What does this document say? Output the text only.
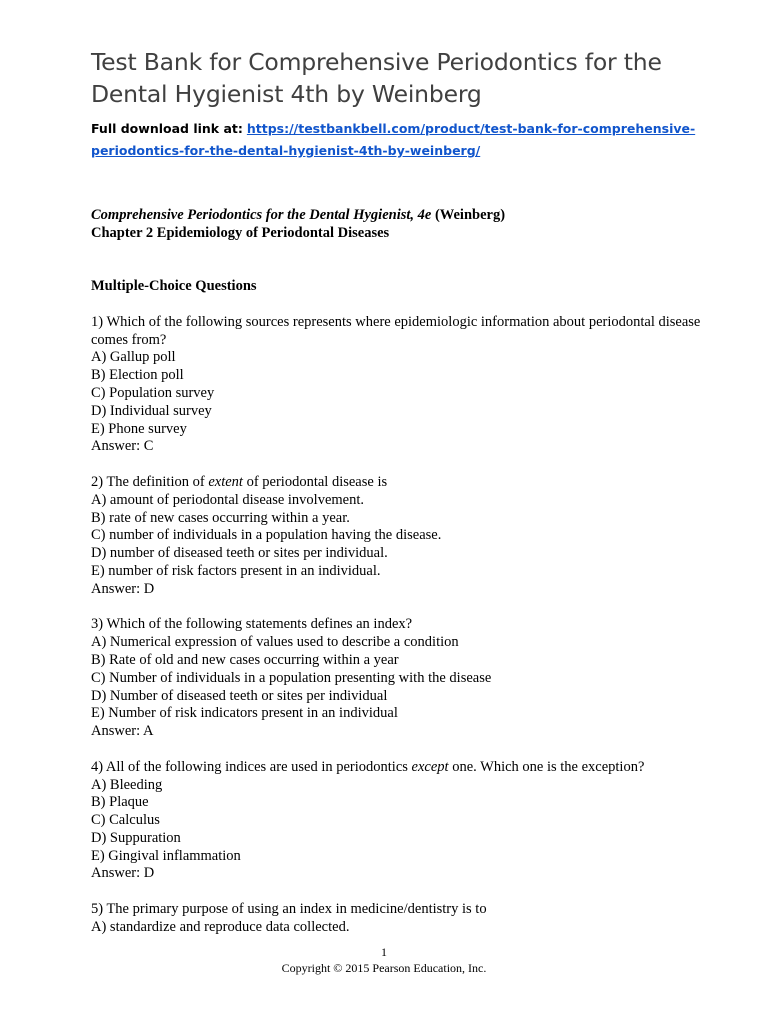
Test Bank for Comprehensive Periodontics for the Dental Hygienist 4th by Weinberg
Full download link at: https://testbankbell.com/product/test-bank-for-comprehensive-periodontics-for-the-dental-hygienist-4th-by-weinberg/

Comprehensive Periodontics for the Dental Hygienist, 4e (Weinberg)

Chapter 2 Epidemiology of Periodontal Diseases

Multiple-Choice Questions

1) Which of the following sources represents where epidemiologic information about periodontal disease comes from?
A) Gallup poll
B) Election poll
C) Population survey
D) Individual survey
E) Phone survey
Answer: C
2) The definition of extent of periodontal disease is
A) amount of periodontal disease involvement.
B) rate of new cases occurring within a year.
C) number of individuals in a population having the disease.
D) number of diseased teeth or sites per individual.
E) number of risk factors present in an individual.
Answer: D
3) Which of the following statements defines an index?
A) Numerical expression of values used to describe a condition
B) Rate of old and new cases occurring within a year
C) Number of individuals in a population presenting with the disease
D) Number of diseased teeth or sites per individual
E) Number of risk indicators present in an individual
Answer: A
4) All of the following indices are used in periodontics except one. Which one is the exception?
A) Bleeding
B) Plaque
C) Calculus
D) Suppuration
E) Gingival inflammation
Answer: D
5) The primary purpose of using an index in medicine/dentistry is to
A) standardize and reproduce data collected.
1
Copyright © 2015 Pearson Education, Inc.
